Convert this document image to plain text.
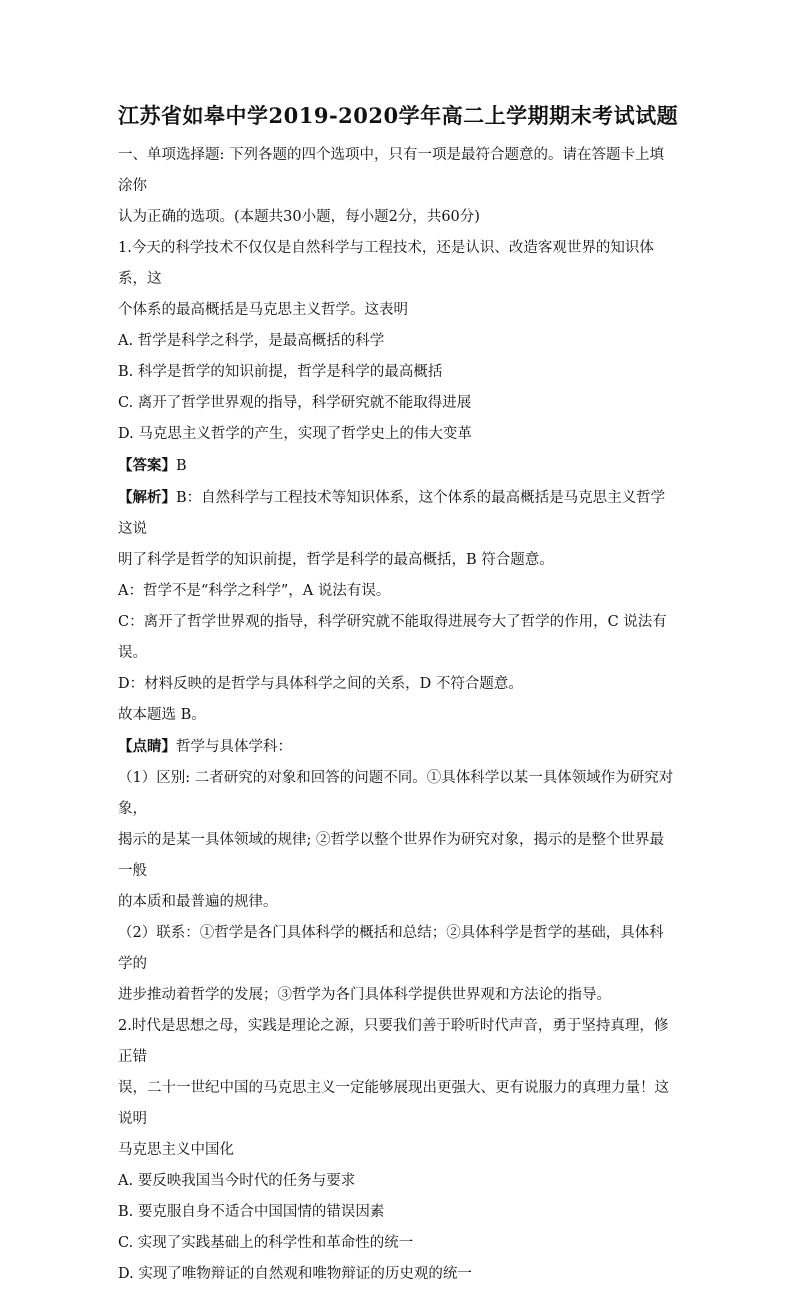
江苏省如皋中学2019-2020学年高二上学期期末考试试题

一、单项选择题: 下列各题的四个选项中，只有一项是最符合题意的。请在答题卡上填涂你

认为正确的选项。(本题共30小题，每小题2分，共60分)

1.今天的科学技术不仅仅是自然科学与工程技术，还是认识、改造客观世界的知识体系，这

个体系的最高概括是马克思主义哲学。这表明

A. 哲学是科学之科学，是最高概括的科学

B. 科学是哲学的知识前提，哲学是科学的最高概括

C. 离开了哲学世界观的指导，科学研究就不能取得进展

D. 马克思主义哲学的产生，实现了哲学史上的伟大变革

【答案】B

【解析】B：自然科学与工程技术等知识体系，这个体系的最高概括是马克思主义哲学这说

明了科学是哲学的知识前提，哲学是科学的最高概括，B 符合题意。

A：哲学不是“科学之科学”，A 说法有误。

C：离开了哲学世界观的指导，科学研究就不能取得进展夸大了哲学的作用，C 说法有误。

D：材料反映的是哲学与具体科学之间的关系，D 不符合题意。

故本题选 B。

【点睛】哲学与具体学科：

（1）区别: 二者研究的对象和回答的问题不同。①具体科学以某一具体领域作为研究对象，

揭示的是某一具体领域的规律; ②哲学以整个世界作为研究对象，揭示的是整个世界最一般

的本质和最普遍的规律。

（2）联系：①哲学是各门具体科学的概括和总结；②具体科学是哲学的基础，具体科学的

进步推动着哲学的发展；③哲学为各门具体科学提供世界观和方法论的指导。

2.时代是思想之母，实践是理论之源，只要我们善于聆听时代声音，勇于坚持真理，修正错

误，二十一世纪中国的马克思主义一定能够展现出更强大、更有说服力的真理力量！这说明

马克思主义中国化

A. 要反映我国当今时代的任务与要求

B. 要克服自身不适合中国国情的错误因素

C. 实现了实践基础上的科学性和革命性的统一

D. 实现了唯物辩证的自然观和唯物辩证的历史观的统一
